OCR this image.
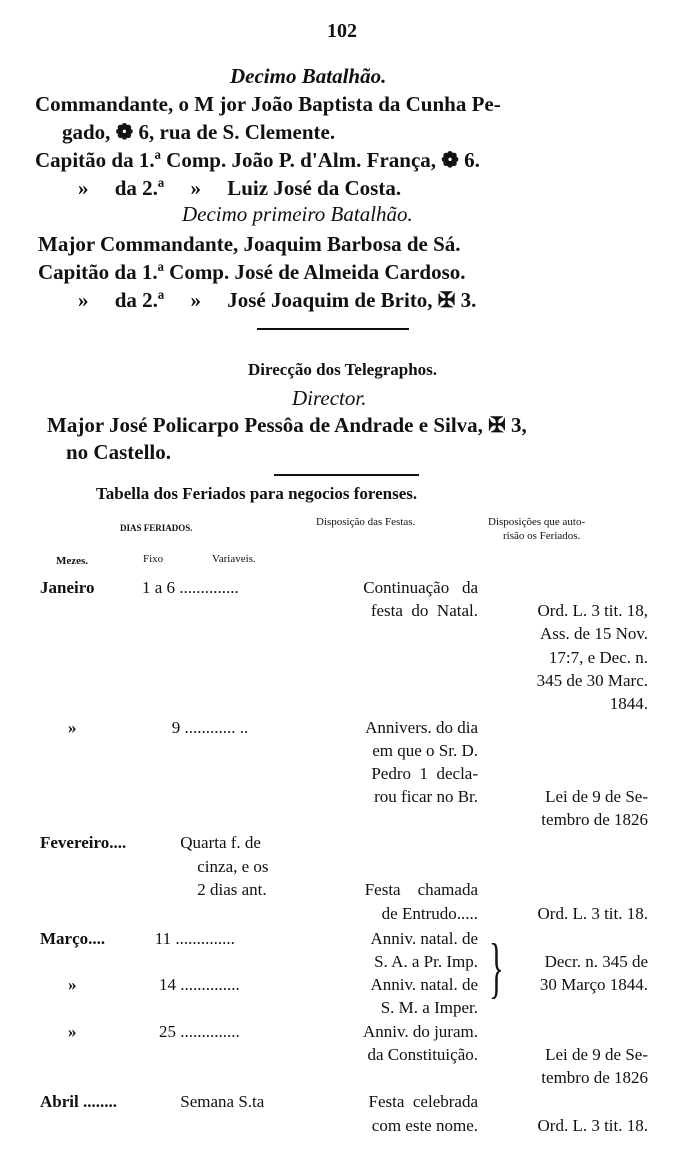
102
Decimo Batalhão.
Commandante, o M jor João Baptista da Cunha Pe-
gado, ❁ 6, rua de S. Clemente.
Capitão da 1.ª Comp. João P. d'Alm. França, ❁ 6.
»     da 2.ª     »     Luiz José da Costa.
Decimo primeiro Batalhão.
Major Commandante, Joaquim Barbosa de Sá.
Capitão da 1.ª Comp. José de Almeida Cardoso.
»     da 2.ª     »     José Joaquim de Brito, ✠ 3.
Direcção dos Telegraphos.
Director.
Major José Policarpo Pessôa de Andrade e Silva, ✠ 3,
no Castello.
Tabella dos Feriados para negocios forenses.
DIAS FERIADOS.	Disposição das Festas.	Disposições que auto-
risão os Feriados.
Mezes.	Fixo	Variaveis.
Janeiro	1 a 6 ..............	Continuação   da
festa  do  Natal.	Ord. L. 3 tit. 18,
Ass. de 15 Nov.
17:7, e Dec. n.
345 de 30 Marc.
1844.
»	9 ............ ..	Annivers. do dia
em que o Sr. D.
Pedro  1  decla-
rou ficar no Br.	Lei de 9 de Se-
tembro de 1826
Fevereiro.... Quarta f. de
cinza, e os
2 dias ant.	Festa    chamada
de Entrudo.....	Ord. L. 3 tit. 18.
Março.... 11 ..............	Anniv. natal. de
S. A. a Pr. Imp.	Decr. n. 345 de
»	14 ..............	Anniv. natal. de	30 Março 1844.
S. M. a Imper.
»	25 ..............	Anniv. do juram.
da Constituição.	Lei de 9 de Se-
tembro de 1826
Abril ........ Semana S.ta	Festa  celebrada
com este nome.	Ord. L. 3 tit. 18.
}
